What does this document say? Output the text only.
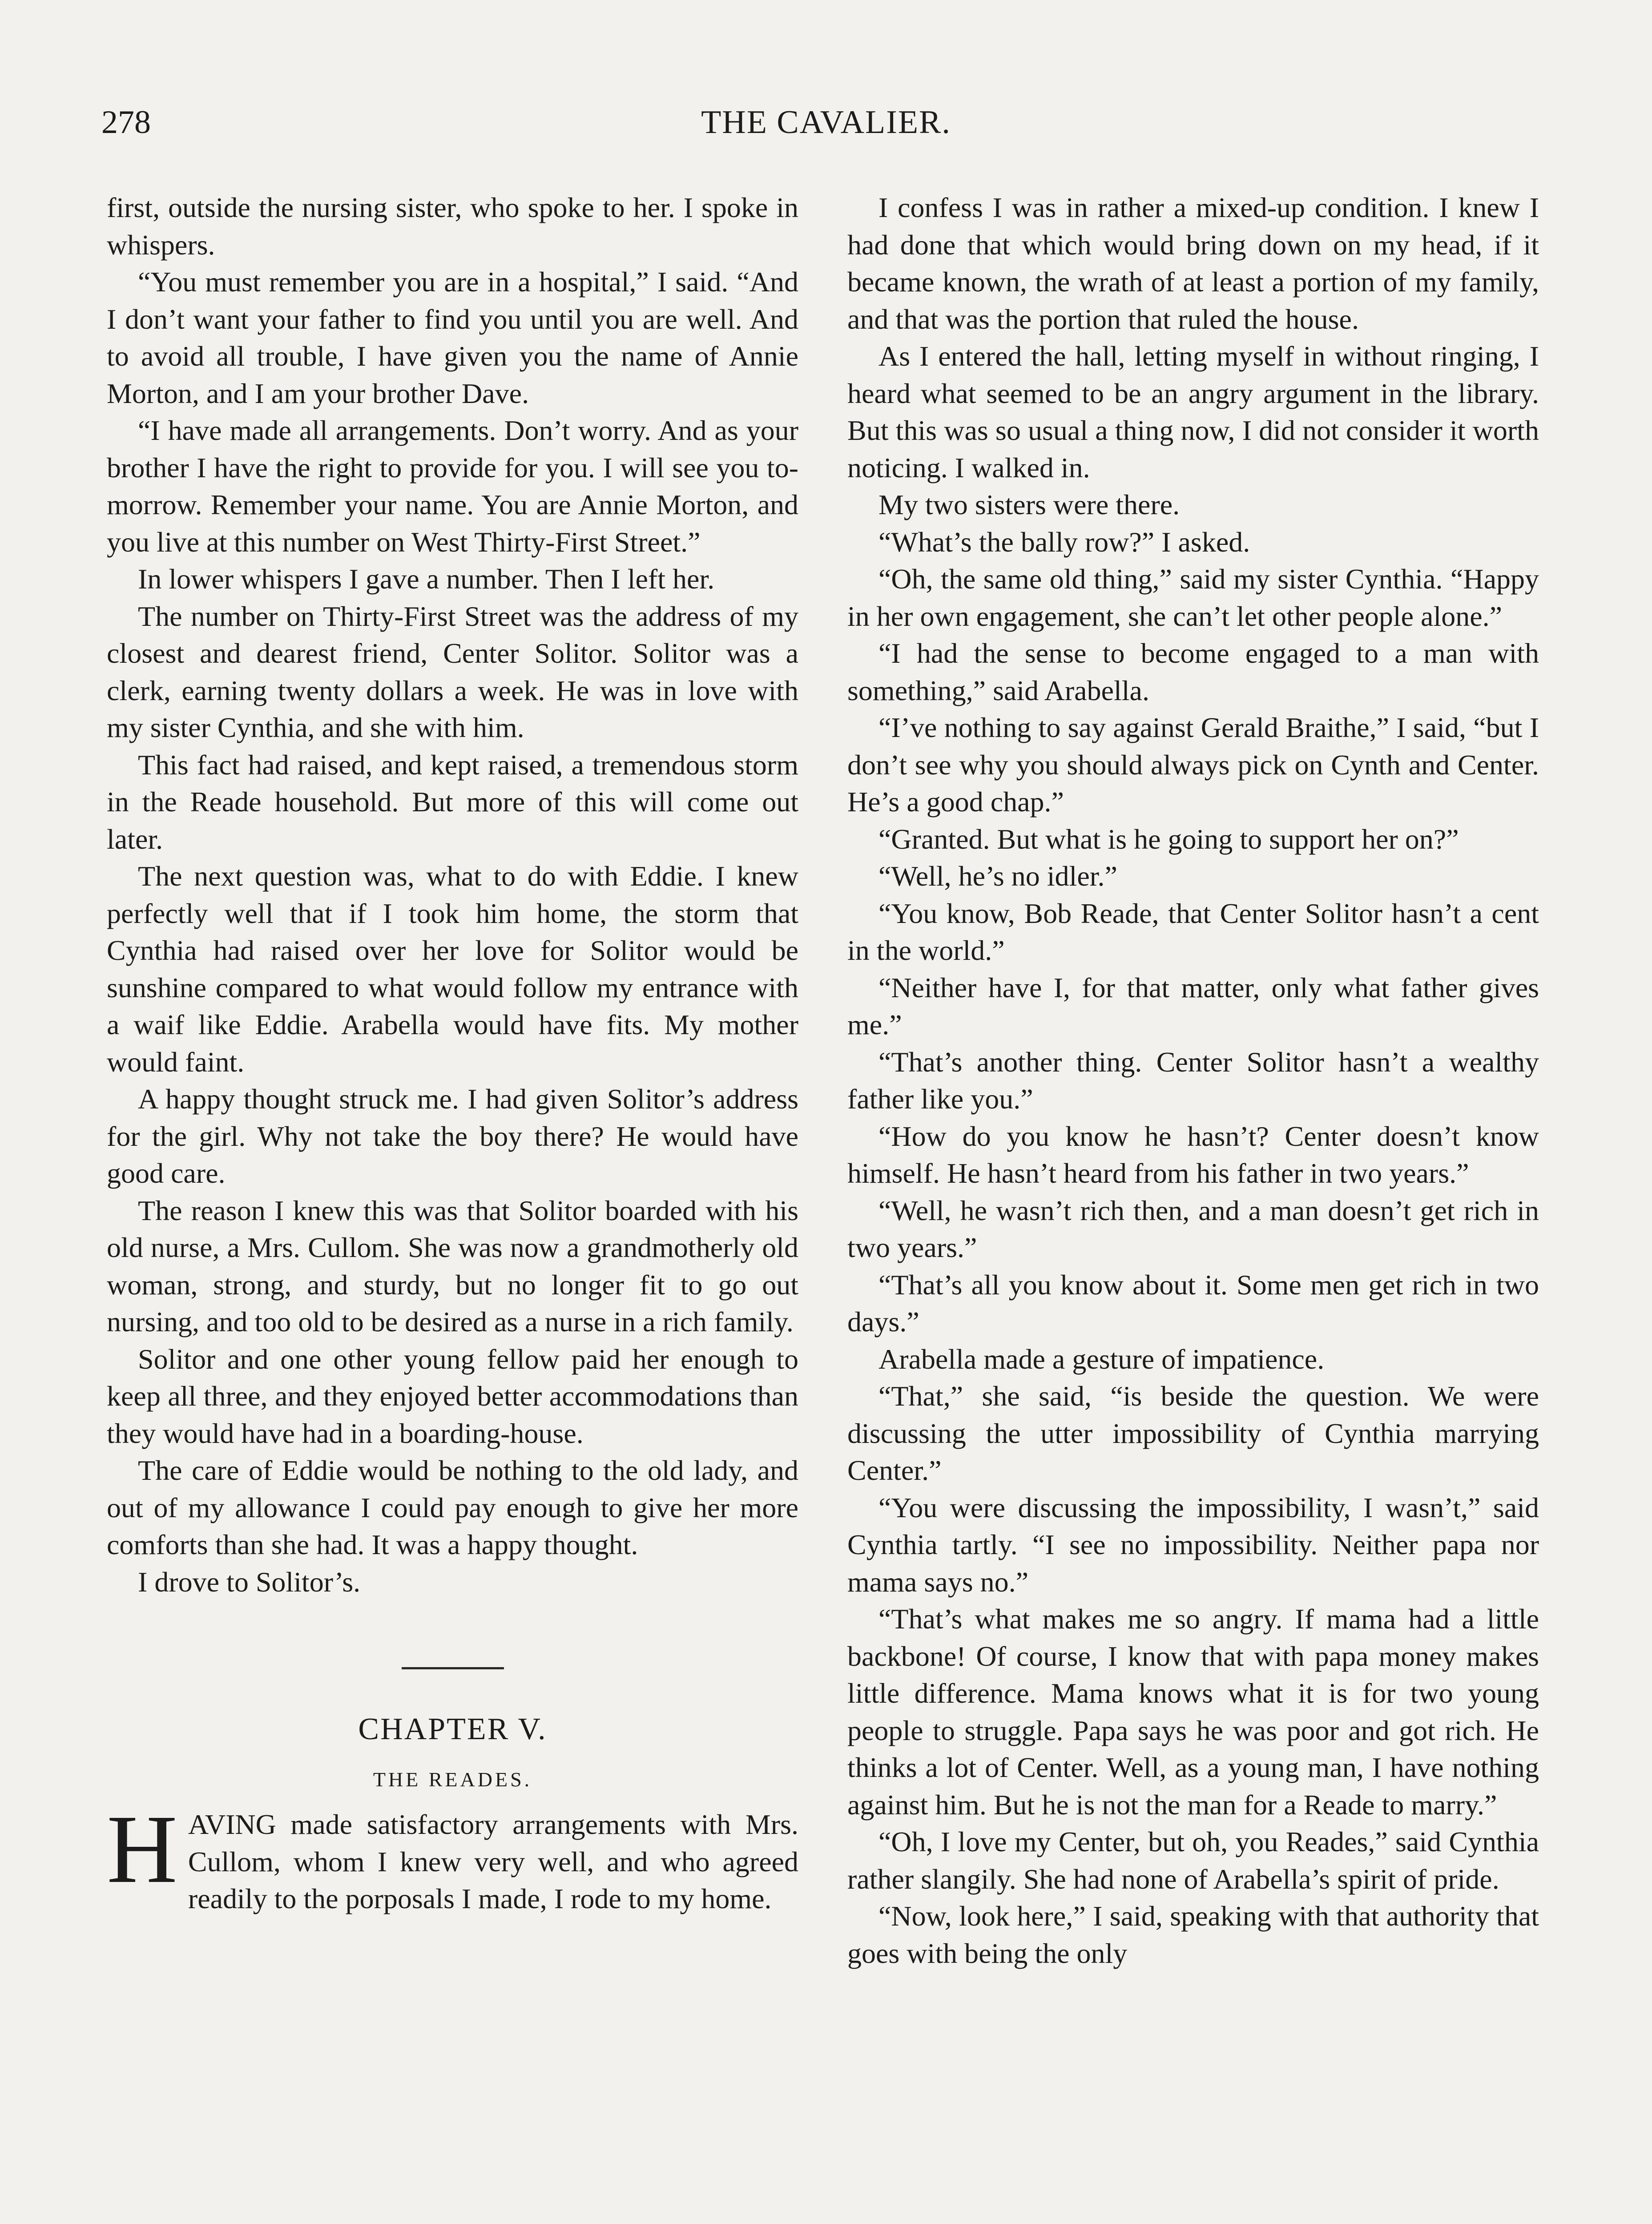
278	THE CAVALIER.

first, outside the nursing sister, who spoke to her. I spoke in whispers.

“You must remember you are in a hospital,” I said. “And I don’t want your father to find you until you are well. And to avoid all trouble, I have given you the name of Annie Morton, and I am your brother Dave.

“I have made all arrangements. Don’t worry. And as your brother I have the right to provide for you. I will see you tomorrow. Remember your name. You are Annie Morton, and you live at this number on West Thirty-First Street.”

In lower whispers I gave a number. Then I left her.

The number on Thirty-First Street was the address of my closest and dearest friend, Center Solitor. Solitor was a clerk, earning twenty dollars a week. He was in love with my sister Cynthia, and she with him.

This fact had raised, and kept raised, a tremendous storm in the Reade household. But more of this will come out later.

The next question was, what to do with Eddie. I knew perfectly well that if I took him home, the storm that Cynthia had raised over her love for Solitor would be sunshine compared to what would follow my entrance with a waif like Eddie. Arabella would have fits. My mother would faint.

A happy thought struck me. I had given Solitor’s address for the girl. Why not take the boy there? He would have good care.

The reason I knew this was that Solitor boarded with his old nurse, a Mrs. Cullom. She was now a grandmotherly old woman, strong, and sturdy, but no longer fit to go out nursing, and too old to be desired as a nurse in a rich family.

Solitor and one other young fellow paid her enough to keep all three, and they enjoyed better accommodations than they would have had in a boarding-house.

The care of Eddie would be nothing to the old lady, and out of my allowance I could pay enough to give her more comforts than she had. It was a happy thought.

I drove to Solitor’s.

CHAPTER V.
THE READES.

HAVING made satisfactory arrangements with Mrs. Cullom, whom I knew very well, and who agreed readily to the porposals I made, I rode to my home.

I confess I was in rather a mixed-up condition. I knew I had done that which would bring down on my head, if it became known, the wrath of at least a portion of my family, and that was the portion that ruled the house.

As I entered the hall, letting myself in without ringing, I heard what seemed to be an angry argument in the library. But this was so usual a thing now, I did not consider it worth noticing. I walked in.

My two sisters were there.

“What’s the bally row?” I asked.

“Oh, the same old thing,” said my sister Cynthia. “Happy in her own engagement, she can’t let other people alone.”

“I had the sense to become engaged to a man with something,” said Arabella.

“I’ve nothing to say against Gerald Braithe,” I said, “but I don’t see why you should always pick on Cynth and Center. He’s a good chap.”

“Granted. But what is he going to support her on?”

“Well, he’s no idler.”

“You know, Bob Reade, that Center Solitor hasn’t a cent in the world.”

“Neither have I, for that matter, only what father gives me.”

“That’s another thing. Center Solitor hasn’t a wealthy father like you.”

“How do you know he hasn’t? Center doesn’t know himself. He hasn’t heard from his father in two years.”

“Well, he wasn’t rich then, and a man doesn’t get rich in two years.”

“That’s all you know about it. Some men get rich in two days.”

Arabella made a gesture of impatience.

“That,” she said, “is beside the question. We were discussing the utter impossibility of Cynthia marrying Center.”

“You were discussing the impossibility, I wasn’t,” said Cynthia tartly. “I see no impossibility. Neither papa nor mama says no.”

“That’s what makes me so angry. If mama had a little backbone! Of course, I know that with papa money makes little difference. Mama knows what it is for two young people to struggle. Papa says he was poor and got rich. He thinks a lot of Center. Well, as a young man, I have nothing against him. But he is not the man for a Reade to marry.”

“Oh, I love my Center, but oh, you Reades,” said Cynthia rather slangily. She had none of Arabella’s spirit of pride.

“Now, look here,” I said, speaking with that authority that goes with being the only
